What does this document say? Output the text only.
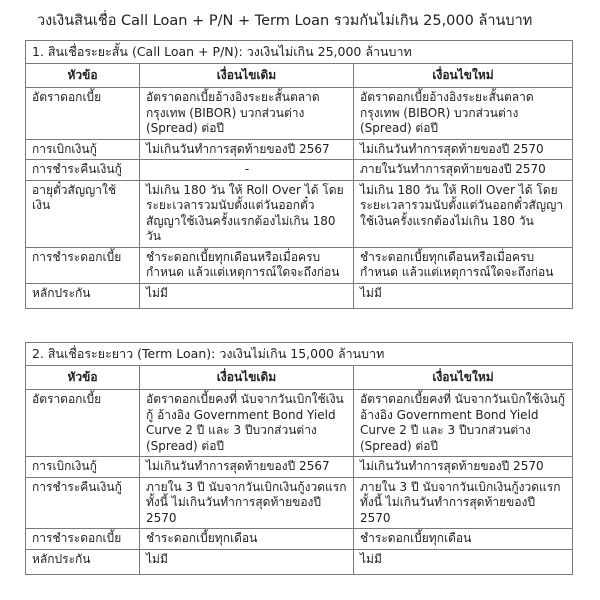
วงเงินสินเชื่อ Call Loan + P/N + Term Loan รวมกันไม่เกิน 25,000 ล้านบาท
1. สินเชื่อระยะสั้น (Call Loan + P/N): วงเงินไม่เกิน 25,000 ล้านบาท		
หัวข้อ	เงื่อนไขเดิม	เงื่อนไขใหม่
อัตราดอกเบี้ย	อัตราดอกเบี้ยอ้างอิงระยะสั้นตลาดกรุงเทพ (BIBOR) บวกส่วนต่าง (Spread) ต่อปี	อัตราดอกเบี้ยอ้างอิงระยะสั้นตลาดกรุงเทพ (BIBOR) บวกส่วนต่าง (Spread) ต่อปี
การเบิกเงินกู้	ไม่เกินวันทำการสุดท้ายของปี 2567	ไม่เกินวันทำการสุดท้ายของปี 2570
การชำระคืนเงินกู้	-	ภายในวันทำการสุดท้ายของปี 2570
อายุตั๋วสัญญาใช้เงิน	ไม่เกิน 180 วัน ให้ Roll Over ได้ โดยระยะเวลารวมนับตั้งแต่วันออกตั๋วสัญญาใช้เงินครั้งแรกต้องไม่เกิน 180 วัน	ไม่เกิน 180 วัน ให้ Roll Over ได้ โดยระยะเวลารวมนับตั้งแต่วันออกตั๋วสัญญาใช้เงินครั้งแรกต้องไม่เกิน 180 วัน
การชำระดอกเบี้ย	ชำระดอกเบี้ยทุกเดือนหรือเมื่อครบกำหนด แล้วแต่เหตุการณ์ใดจะถึงก่อน	ชำระดอกเบี้ยทุกเดือนหรือเมื่อครบกำหนด แล้วแต่เหตุการณ์ใดจะถึงก่อน
หลักประกัน	ไม่มี	ไม่มี
2. สินเชื่อระยะยาว (Term Loan): วงเงินไม่เกิน 15,000 ล้านบาท		
หัวข้อ	เงื่อนไขเดิม	เงื่อนไขใหม่
อัตราดอกเบี้ย	อัตราดอกเบี้ยคงที่ นับจากวันเบิกใช้เงินกู้ อ้างอิง Government Bond Yield Curve 2 ปี และ 3 ปีบวกส่วนต่าง (Spread) ต่อปี	อัตราดอกเบี้ยคงที่ นับจากวันเบิกใช้เงินกู้ อ้างอิง Government Bond Yield Curve 2 ปี และ 3 ปีบวกส่วนต่าง (Spread) ต่อปี
การเบิกเงินกู้	ไม่เกินวันทำการสุดท้ายของปี 2567	ไม่เกินวันทำการสุดท้ายของปี 2570
การชำระคืนเงินกู้	ภายใน 3 ปี นับจากวันเบิกเงินกู้งวดแรก ทั้งนี้ ไม่เกินวันทำการสุดท้ายของปี 2570	ภายใน 3 ปี นับจากวันเบิกเงินกู้งวดแรก ทั้งนี้ ไม่เกินวันทำการสุดท้ายของปี 2570
การชำระดอกเบี้ย	ชำระดอกเบี้ยทุกเดือน	ชำระดอกเบี้ยทุกเดือน
หลักประกัน	ไม่มี	ไม่มี
